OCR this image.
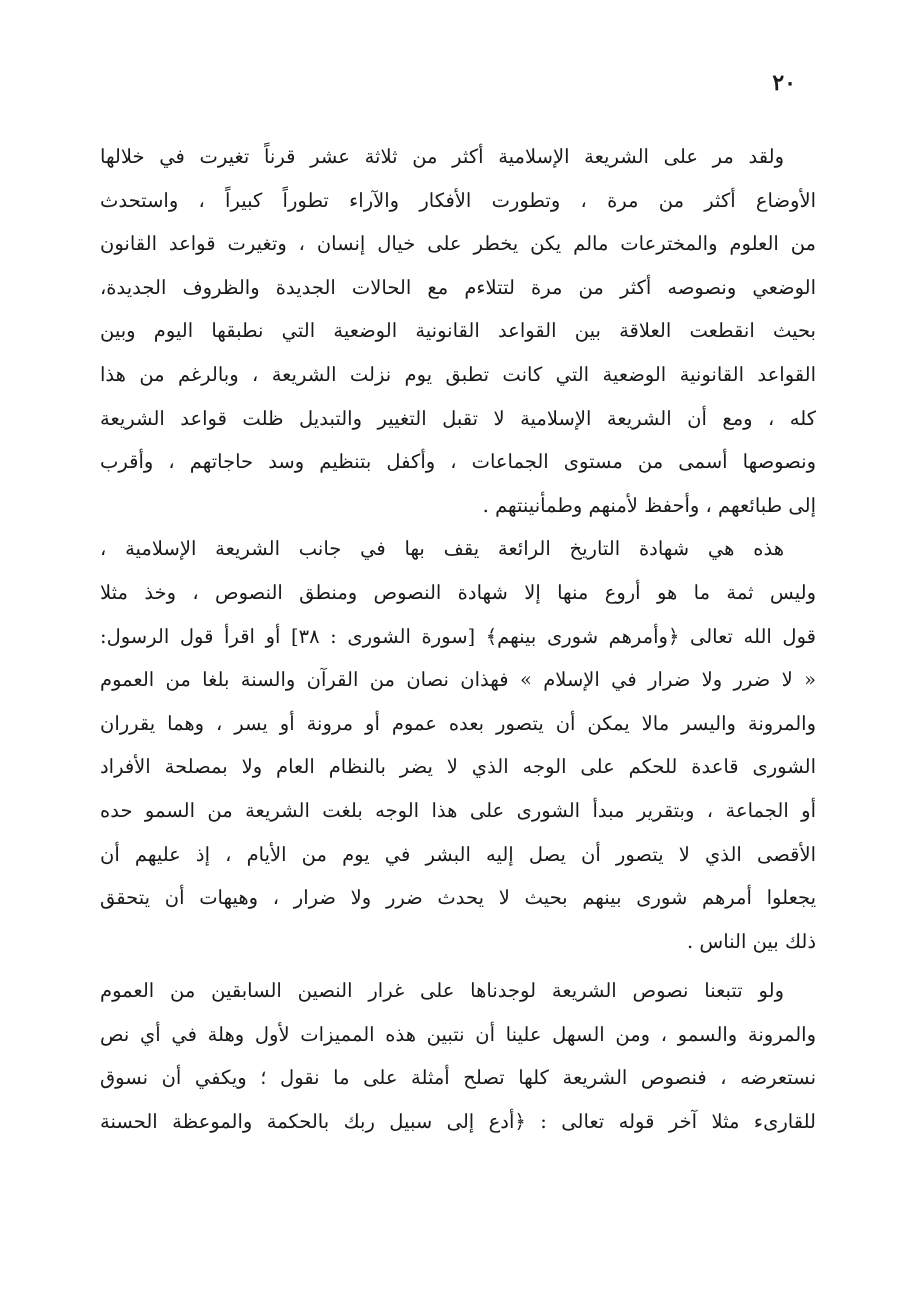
٢٠
ولقد مر على الشريعة الإسلامية أكثر من ثلاثة عشر قرناً تغيرت في خلالها
الأوضاع أكثر من مرة ، وتطورت الأفكار والآراء تطوراً كبيراً ، واستحدث
من العلوم والمخترعات مالم يكن يخطر على خيال إنسان ، وتغيرت قواعد القانون
الوضعي ونصوصه أكثر من مرة لتتلاءم مع الحالات الجديدة والظروف الجديدة،
بحيث انقطعت العلاقة بين القواعد القانونية الوضعية التي نطبقها اليوم وبين
القواعد القانونية الوضعية التي كانت تطبق يوم نزلت الشريعة ، وبالرغم من هذا
كله ، ومع أن الشريعة الإسلامية لا تقبل التغيير والتبديل ظلت قواعد الشريعة
ونصوصها أسمى من مستوى الجماعات ، وأكفل بتنظيم وسد حاجاتهم ، وأقرب
إلى طبائعهم ، وأحفظ لأمنهم وطمأنينتهم .
هذه هي شهادة التاريخ الرائعة يقف بها في جانب الشريعة الإسلامية ،
وليس ثمة ما هو أروع منها إلا شهادة النصوص ومنطق النصوص ، وخذ مثلا
قول الله تعالى ﴿وأمرهم شورى بينهم﴾ [سورة الشورى : ٣٨] أو اقرأ قول الرسول:
« لا ضرر ولا ضرار في الإسلام » فهذان نصان من القرآن والسنة بلغا من العموم
والمرونة واليسر مالا يمكن أن يتصور بعده عموم أو مرونة أو يسر ، وهما يقرران
الشورى قاعدة للحكم على الوجه الذي لا يضر بالنظام العام ولا بمصلحة الأفراد
أو الجماعة ، وبتقرير مبدأ الشورى على هذا الوجه بلغت الشريعة من السمو حده
الأقصى الذي لا يتصور أن يصل إليه البشر في يوم من الأيام ، إذ عليهم أن
يجعلوا أمرهم شورى بينهم بحيث لا يحدث ضرر ولا ضرار ، وهيهات أن يتحقق
ذلك بين الناس .
ولو تتبعنا نصوص الشريعة لوجدناها على غرار النصين السابقين من العموم
والمرونة والسمو ، ومن السهل علينا أن نتبين هذه المميزات لأول وهلة في أي نص
نستعرضه ، فنصوص الشريعة كلها تصلح أمثلة على ما نقول ؛ ويكفي أن نسوق
للقارىء مثلا آخر قوله تعالى : ﴿أدع إلى سبيل ربك بالحكمة والموعظة الحسنة
